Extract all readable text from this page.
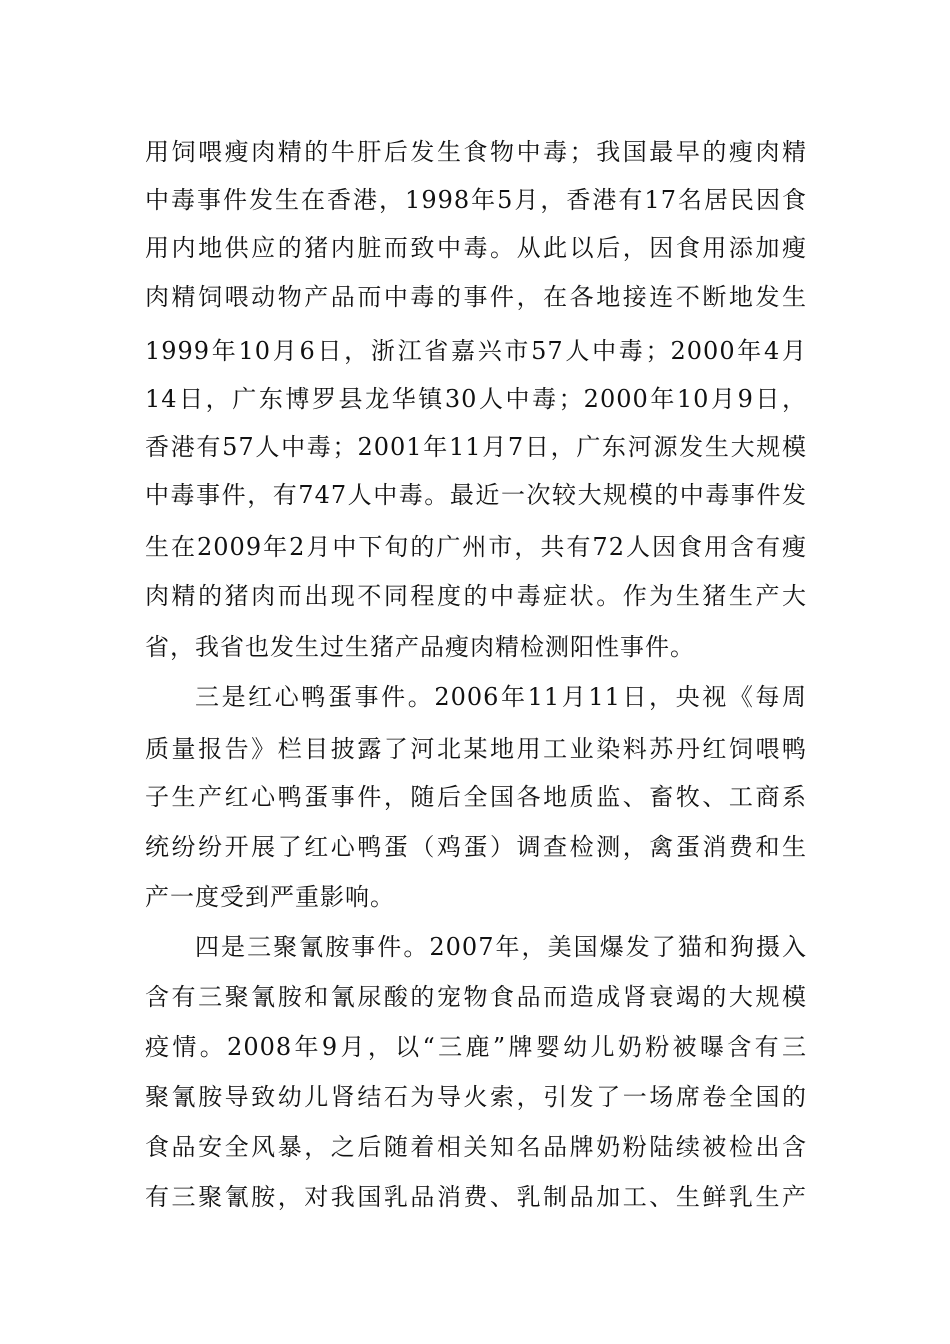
用饲喂瘦肉精的牛肝后发生食物中毒；我国最早的瘦肉精
中毒事件发生在香港，1998年5月，香港有17名居民因食
用内地供应的猪内脏而致中毒。从此以后，因食用添加瘦
肉精饲喂动物产品而中毒的事件，在各地接连不断地发生
1999年10月6日，浙江省嘉兴市57人中毒；2000年4月
14日，广东博罗县龙华镇30人中毒；2000年10月9日，
香港有57人中毒；2001年11月7日，广东河源发生大规模
中毒事件，有747人中毒。最近一次较大规模的中毒事件发
生在2009年2月中下旬的广州市，共有72人因食用含有瘦
肉精的猪肉而出现不同程度的中毒症状。作为生猪生产大
省，我省也发生过生猪产品瘦肉精检测阳性事件。
三是红心鸭蛋事件。2006年11月11日，央视《每周
质量报告》栏目披露了河北某地用工业染料苏丹红饲喂鸭
子生产红心鸭蛋事件，随后全国各地质监、畜牧、工商系
统纷纷开展了红心鸭蛋（鸡蛋）调查检测，禽蛋消费和生
产一度受到严重影响。
四是三聚氰胺事件。2007年，美国爆发了猫和狗摄入
含有三聚氰胺和氰尿酸的宠物食品而造成肾衰竭的大规模
疫情。2008年9月，以“三鹿”牌婴幼儿奶粉被曝含有三
聚氰胺导致幼儿肾结石为导火索，引发了一场席卷全国的
食品安全风暴，之后随着相关知名品牌奶粉陆续被检出含
有三聚氰胺，对我国乳品消费、乳制品加工、生鲜乳生产
